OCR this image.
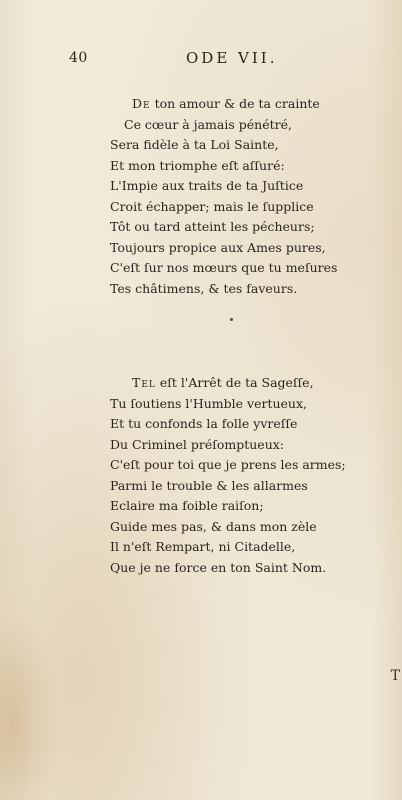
40	ODE VII.
De ton amour & de ta crainte
Ce cœur à jamais pénétré,
Sera fidèle à ta Loi Sainte,
Et mon triomphe eſt aſſuré:
L'Impie aux traits de ta Juſtice
Croit échapper; mais le ſupplice
Tôt ou tard atteint les pécheurs;
Toujours propice aux Ames pures,
C'eſt ſur nos mœurs que tu meſures
Tes châtimens, & tes faveurs.
Tel eſt l'Arrêt de ta Sageſſe,
Tu ſoutiens l'Humble vertueux,
Et tu confonds la folle yvreſſe
Du Criminel préſomptueux:
C'eſt pour toi que je prens les armes;
Parmi le trouble & les allarmes
Eclaire ma foible raiſon;
Guide mes pas, & dans mon zèle
Il n'eſt Rempart, ni Citadelle,
Que je ne force en ton Saint Nom.
T
